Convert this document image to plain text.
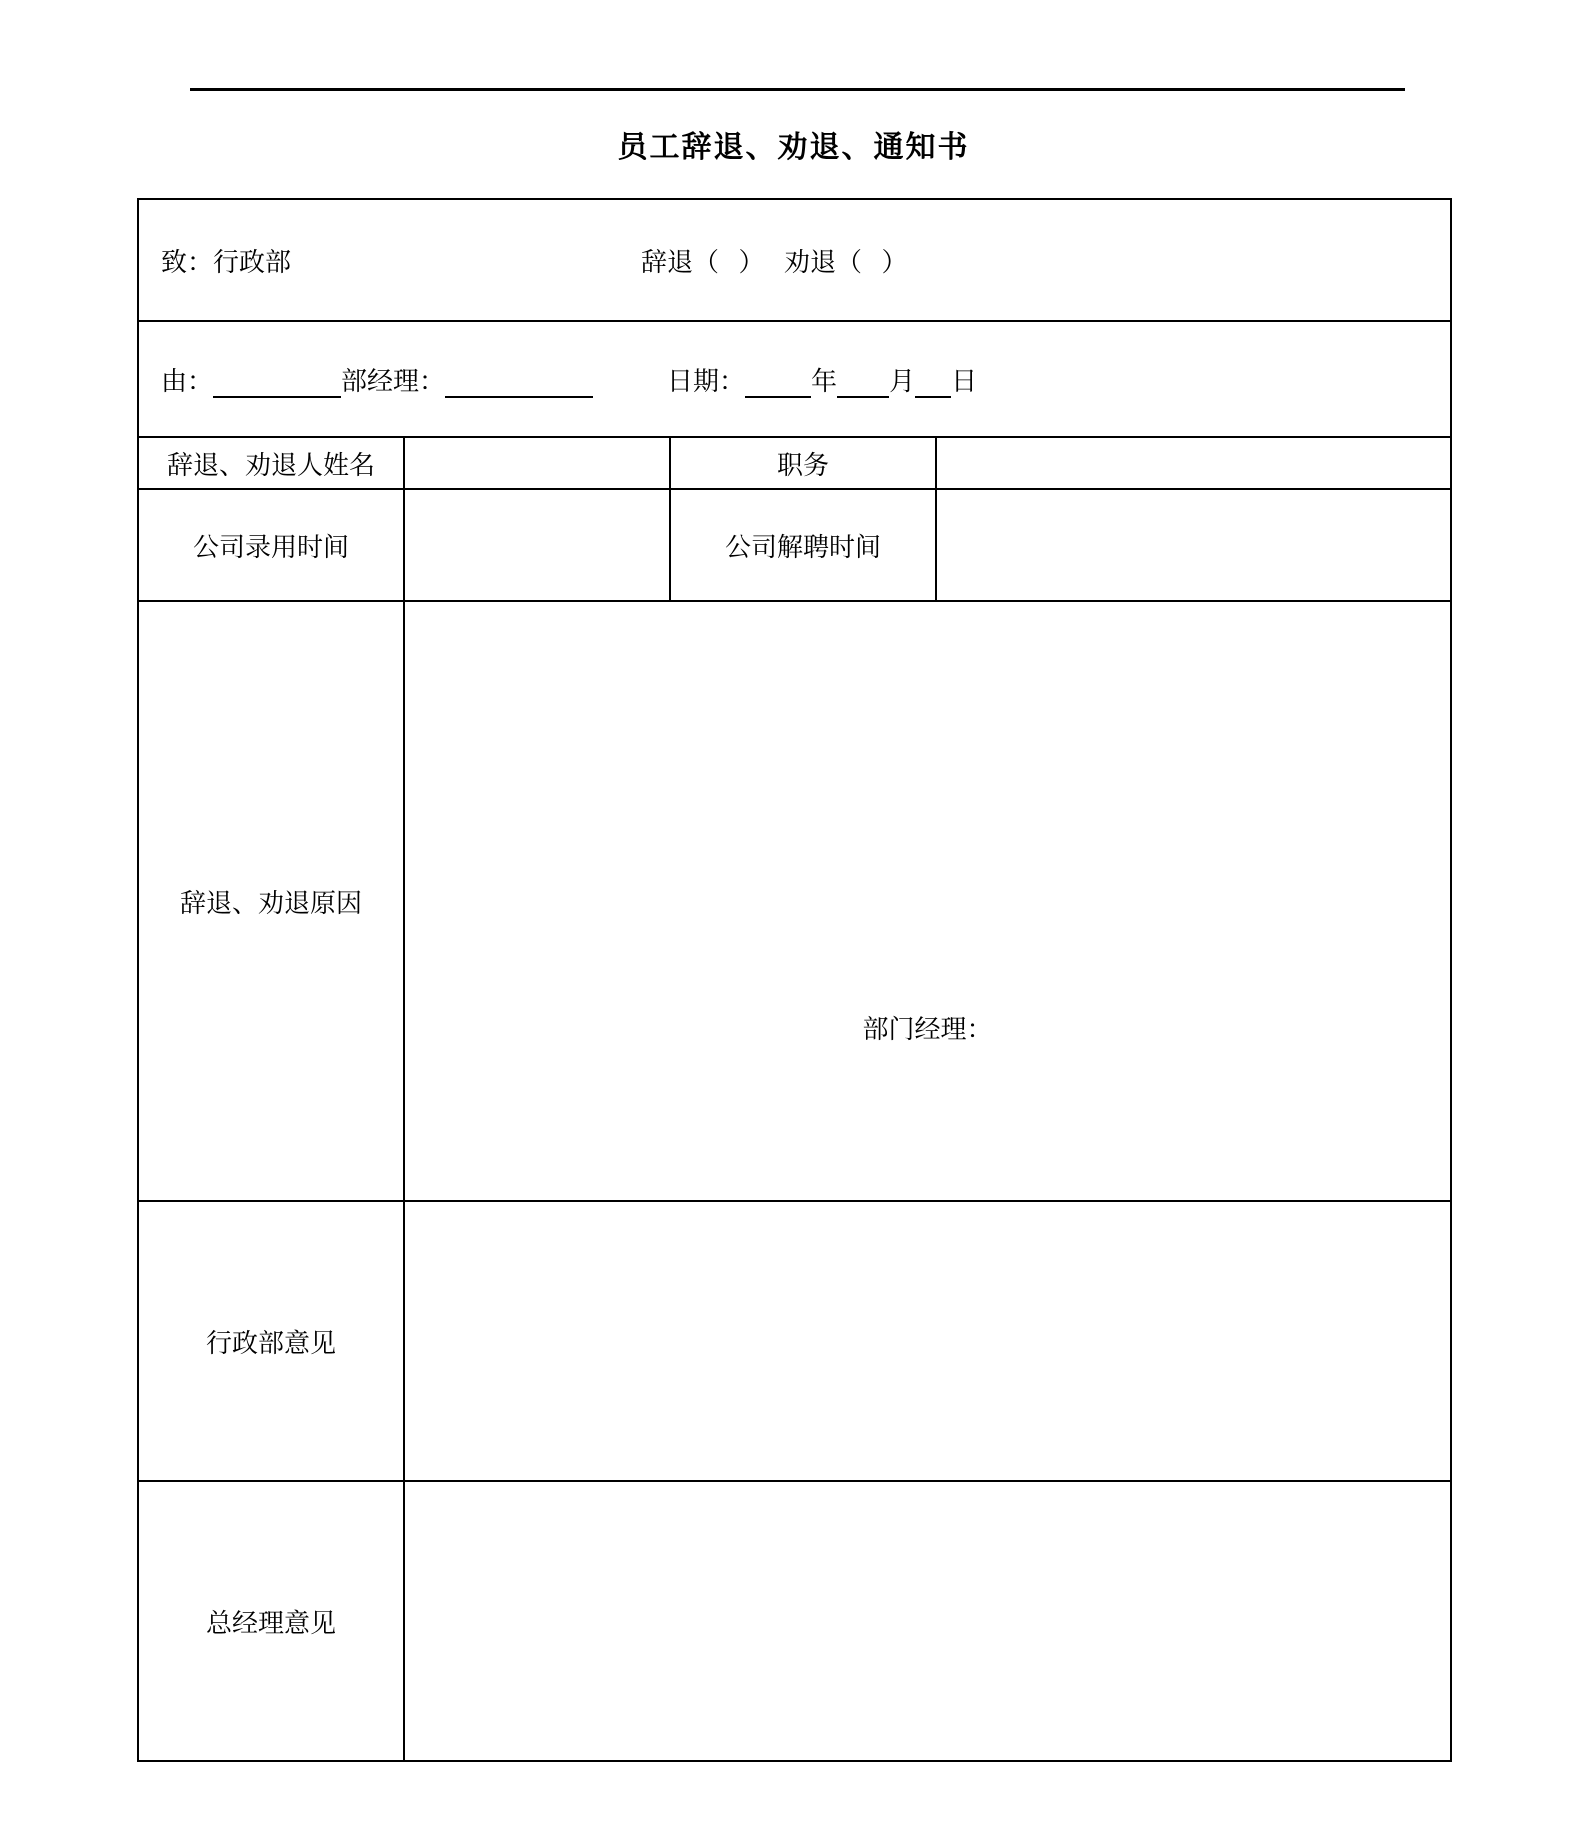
员工辞退、劝退、通知书
致：行政部 辞退（   ）   劝退（   ）			

由：	部经理：	日期：	年 月 日

辞退、劝退人姓名		职务	
公司录用时间		公司解聘时间	
辞退、劝退原因	部门经理：		

行政部意见			
总经理意见			
